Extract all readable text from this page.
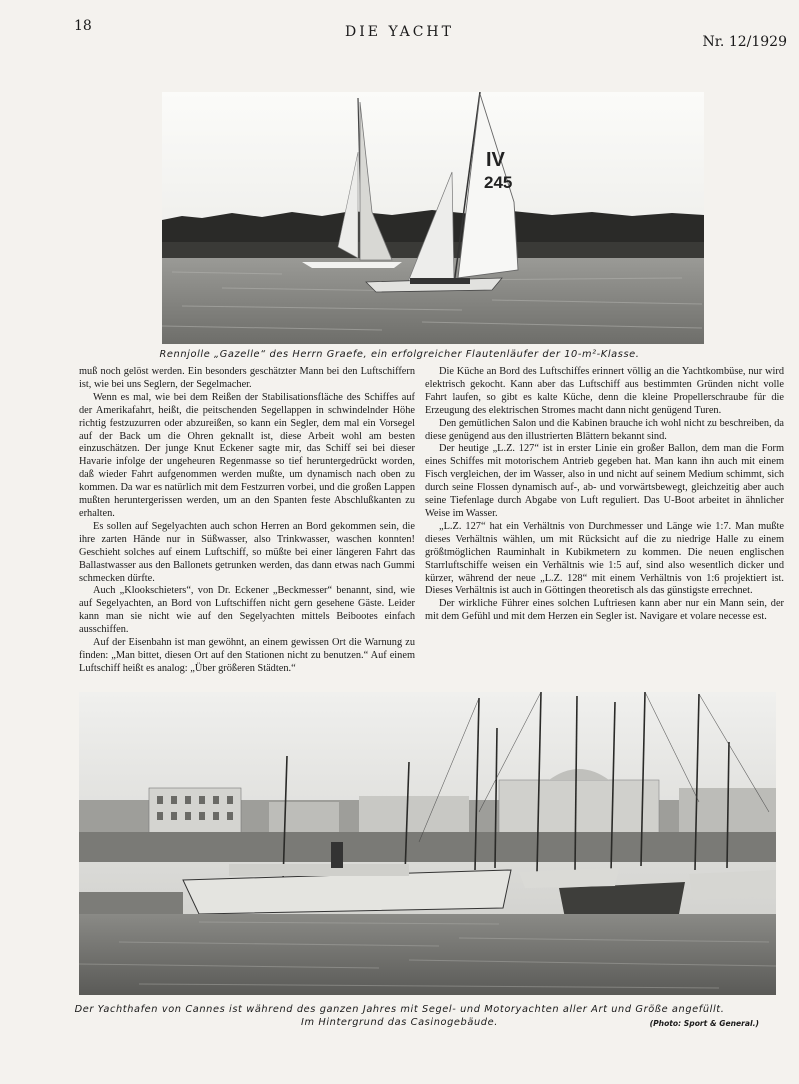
18	DIE YACHT
Nr. 12/1929
IV
245
Rennjolle „Gazelle“ des Herrn Graefe, ein erfolgreicher Flautenläufer der 10-m²-Klasse.

muß noch gelöst werden. Ein besonders geschätzter Mann bei den Luftschiffern ist, wie bei uns Seglern, der Segelmacher.

Wenn es mal, wie bei dem Reißen der Stabilisationsfläche des Schiffes auf der Amerikafahrt, heißt, die peitschenden Segellappen in schwindelnder Höhe richtig festzuzurren oder abzureißen, so kann ein Segler, dem mal ein Vorsegel auf der Back um die Ohren geknallt ist, diese Arbeit wohl am besten einzuschätzen. Der junge Knut Eckener sagte mir, das Schiff sei bei dieser Havarie infolge der ungeheuren Regenmasse so tief heruntergedrückt worden, daß wieder Fahrt aufgenommen werden mußte, um dynamisch nach oben zu kommen. Da war es natürlich mit dem Festzurren vorbei, und die großen Lappen mußten heruntergerissen werden, um an den Spanten feste Abschlußkanten zu erhalten.

Es sollen auf Segelyachten auch schon Herren an Bord gekommen sein, die ihre zarten Hände nur in Süßwasser, also Trinkwasser, waschen konnten! Geschieht solches auf einem Luftschiff, so müßte bei einer längeren Fahrt das Ballastwasser aus den Ballonets getrunken werden, das dann etwas nach Gummi schmecken dürfte.

Auch „Klookschieters“, von Dr. Eckener „Beckmesser“ benannt, sind, wie auf Segelyachten, an Bord von Luftschiffen nicht gern gesehene Gäste. Leider kann man sie nicht wie auf den Segelyachten mittels Beibootes einfach ausschiffen.

Auf der Eisenbahn ist man gewöhnt, an einem gewissen Ort die Warnung zu finden: „Man bittet, diesen Ort auf den Stationen nicht zu benutzen.“ Auf einem Luftschiff heißt es analog: „Über größeren Städten.“

Die Küche an Bord des Luftschiffes erinnert völlig an die Yachtkombüse, nur wird elektrisch gekocht. Kann aber das Luftschiff aus bestimmten Gründen nicht volle Fahrt laufen, so gibt es kalte Küche, denn die kleine Propellerschraube für die Erzeugung des elektrischen Stromes macht dann nicht genügend Turen.

Den gemütlichen Salon und die Kabinen brauche ich wohl nicht zu beschreiben, da diese genügend aus den illustrierten Blättern bekannt sind.

Der heutige „L.Z. 127“ ist in erster Linie ein großer Ballon, dem man die Form eines Schiffes mit motorischem Antrieb gegeben hat. Man kann ihn auch mit einem Fisch vergleichen, der im Wasser, also in und nicht auf seinem Medium schimmt, sich durch seine Flossen dynamisch auf-, ab- und vorwärtsbewegt, gleichzeitig aber auch seine Tiefenlage durch Abgabe von Luft reguliert. Das U-Boot arbeitet in ähnlicher Weise im Wasser.

„L.Z. 127“ hat ein Verhältnis von Durchmesser und Länge wie 1:7. Man mußte dieses Verhältnis wählen, um mit Rücksicht auf die zu niedrige Halle zu einem größtmöglichen Rauminhalt in Kubikmetern zu kommen. Die neuen englischen Starrluftschiffe weisen ein Verhältnis wie 1:5 auf, sind also wesentlich dicker und kürzer, während der neue „L.Z. 128“ mit einem Verhältnis von 1:6 projektiert ist. Dieses Verhältnis ist auch in Göttingen theoretisch als das günstigste errechnet.

Der wirkliche Führer eines solchen Luftriesen kann aber nur ein Mann sein, der mit dem Gefühl und mit dem Herzen ein Segler ist. Navigare et volare necesse est.

Der Yachthafen von Cannes ist während des ganzen Jahres mit Segel- und Motoryachten aller Art und Größe angefüllt.
Im Hintergrund das Casinogebäude.	(Photo: Sport & General.)
